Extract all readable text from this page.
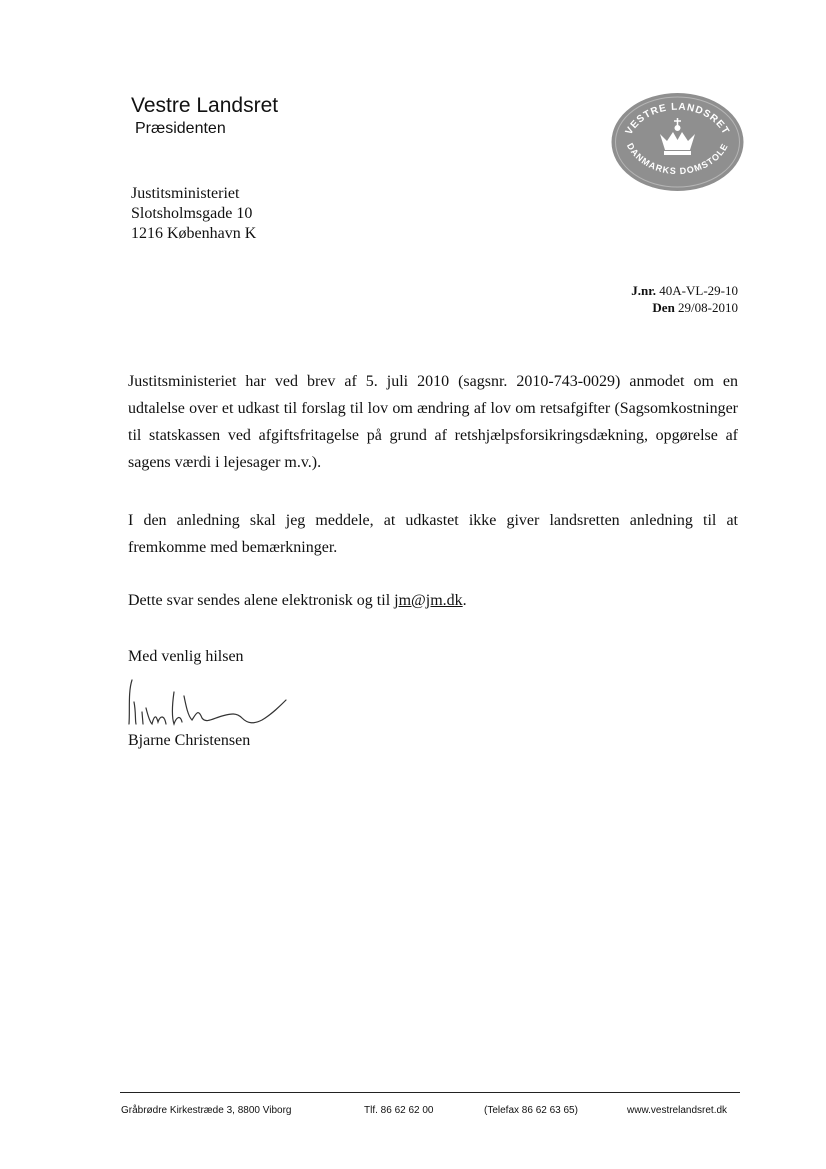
Vestre Landsret
Præsidenten	VESTRE LANDSRET
DANMARKS DOMSTOLE
Justitsministeriet
Slotsholmsgade 10
1216 København K
J.nr. 40A-VL-29-10
Den 29/08-2010
Justitsministeriet har ved brev af 5. juli 2010 (sagsnr. 2010-743-0029) anmodet om en udtalelse over et udkast til forslag til lov om ændring af lov om retsafgifter (Sagsomkostninger til statskassen ved afgiftsfritagelse på grund af retshjælpsforsikringsdækning, opgørelse af sagens værdi i lejesager m.v.).
I den anledning skal jeg meddele, at udkastet ikke giver landsretten anledning til at fremkomme med bemærkninger.
Dette svar sendes alene elektronisk og til jm@jm.dk.
Med venlig hilsen
Bjarne Christensen
Gråbrødre Kirkestræde 3, 8800 Viborg	Tlf. 86 62 62 00	(Telefax 86 62 63 65)	www.vestrelandsret.dk
